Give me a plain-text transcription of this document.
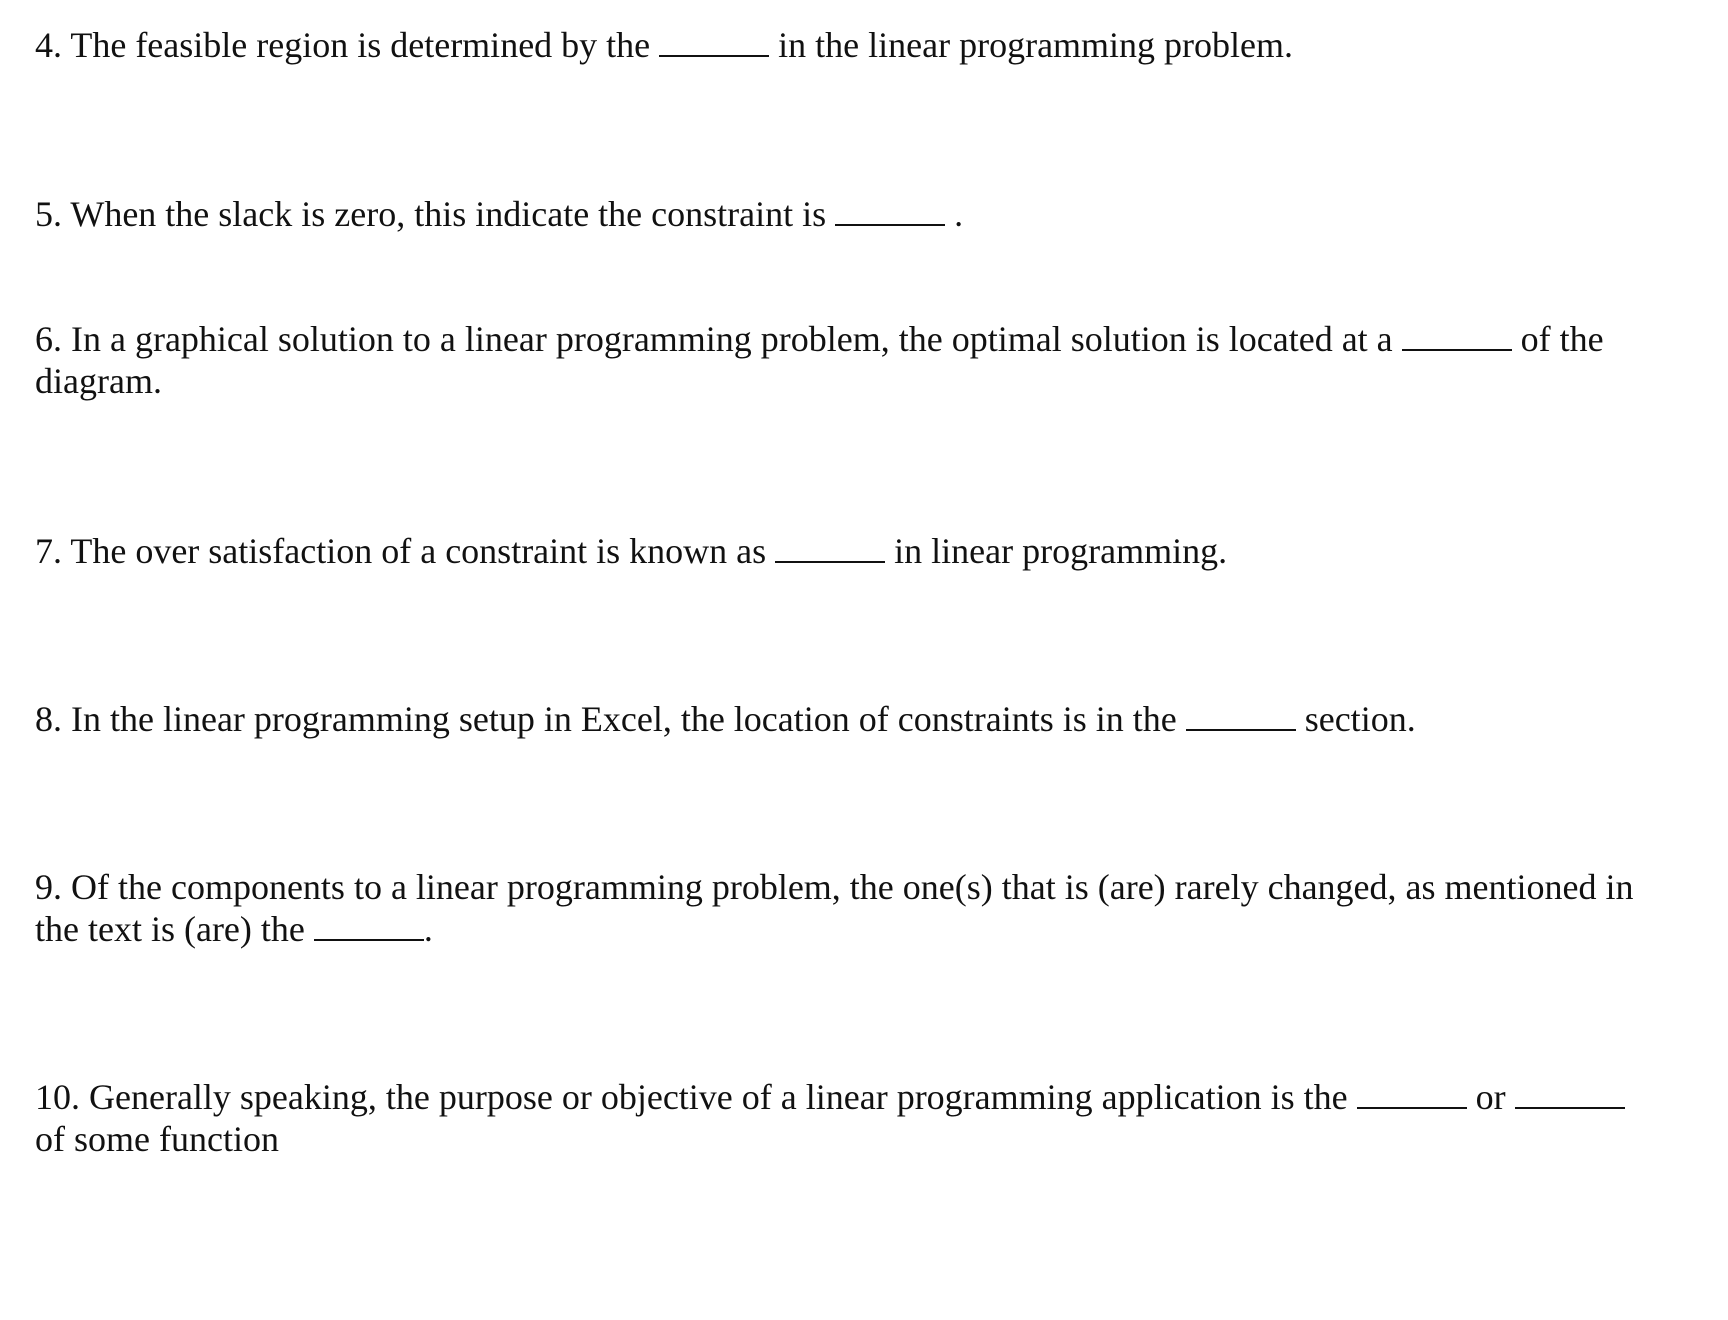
4. The feasible region is determined by the	in the linear programming problem.
5. When the slack is zero, this indicate the constraint is	.
6. In a graphical solution to a linear programming problem, the optimal solution is located at a	of the
diagram.
7. The over satisfaction of a constraint is known as	in linear programming.
8. In the linear programming setup in Excel, the location of constraints is in the	section.
9. Of the components to a linear programming problem, the one(s) that is (are) rarely changed, as mentioned in
the text is (are) the	.
10. Generally speaking, the purpose or objective of a linear programming application is the	or
of some function
